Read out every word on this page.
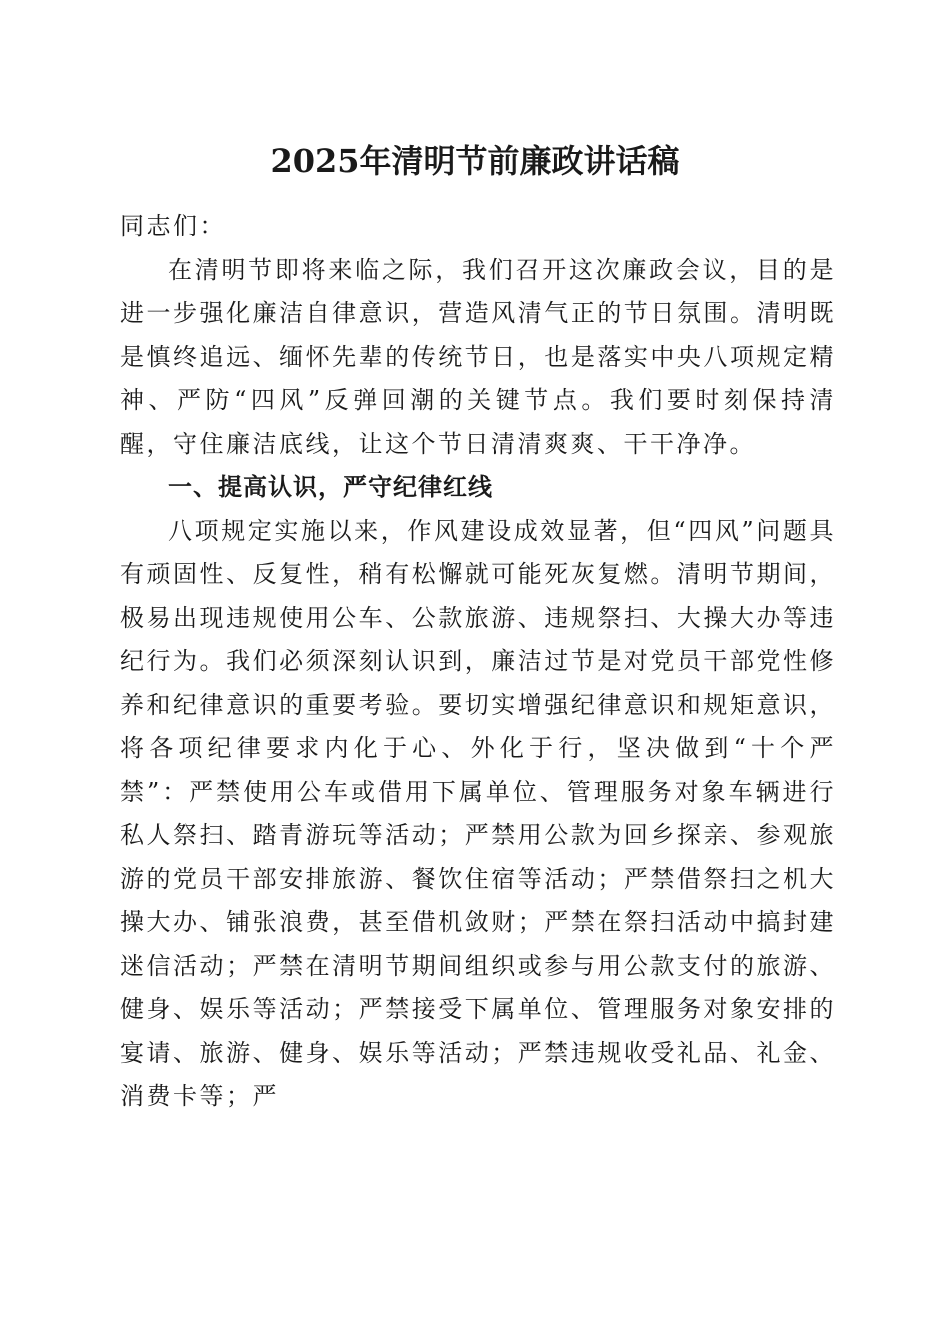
2025年清明节前廉政讲话稿

同志们：

在清明节即将来临之际，我们召开这次廉政会议，目的是进一步强化廉洁自律意识，营造风清气正的节日氛围。清明既是慎终追远、缅怀先辈的传统节日，也是落实中央八项规定精神、严防“四风”反弹回潮的关键节点。我们要时刻保持清醒，守住廉洁底线，让这个节日清清爽爽、干干净净。

一、提高认识，严守纪律红线

八项规定实施以来，作风建设成效显著，但“四风”问题具有顽固性、反复性，稍有松懈就可能死灰复燃。清明节期间，极易出现违规使用公车、公款旅游、违规祭扫、大操大办等违纪行为。我们必须深刻认识到，廉洁过节是对党员干部党性修养和纪律意识的重要考验。要切实增强纪律意识和规矩意识，将各项纪律要求内化于心、外化于行，坚决做到“十个严禁”：严禁使用公车或借用下属单位、管理服务对象车辆进行私人祭扫、踏青游玩等活动；严禁用公款为回乡探亲、参观旅游的党员干部安排旅游、餐饮住宿等活动；严禁借祭扫之机大操大办、铺张浪费，甚至借机敛财；严禁在祭扫活动中搞封建迷信活动；严禁在清明节期间组织或参与用公款支付的旅游、健身、娱乐等活动；严禁接受下属单位、管理服务对象安排的宴请、旅游、健身、娱乐等活动；严禁违规收受礼品、礼金、消费卡等；严
